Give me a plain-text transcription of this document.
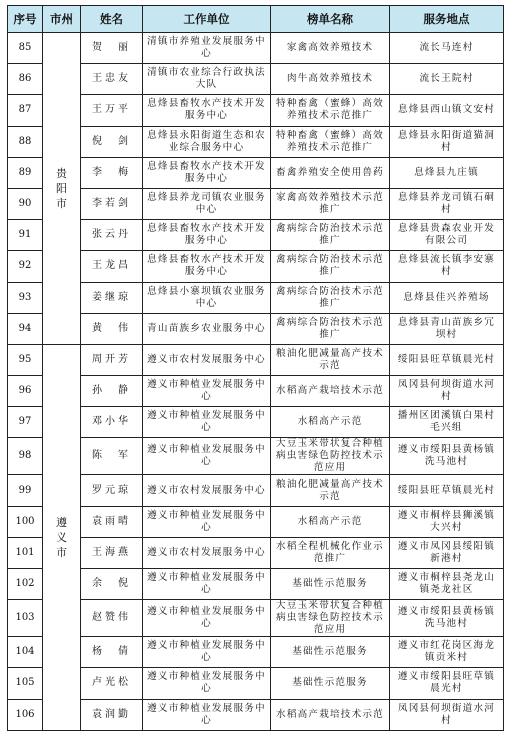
序号	市州	姓名	工作单位	榜单名称	服务地点
85	贵阳市	贺　丽	清镇市养殖业发展服务中心	家禽高效养殖技术	流长马连村
86		王忠友	清镇市农业综合行政执法大队	肉牛高效养殖技术	流长王院村
87		王万平	息烽县畜牧水产技术开发服务中心	特种畜禽（蜜蜂）高效养殖技术示范推广	息烽县西山镇文安村
88		倪　剑	息烽县永阳街道生态和农业综合服务中心	特种畜禽（蜜蜂）高效养殖技术示范推广	息烽县永阳街道猫洞村
89		李　梅	息烽县畜牧水产技术开发服务中心	畜禽养殖安全使用兽药	息烽县九庄镇
90		李若剑	息烽县养龙司镇农业服务中心	家禽高效养殖技术示范推广	息烽县养龙司镇石硐村
91		张云丹	息烽县畜牧水产技术开发服务中心	禽病综合防治技术示范推广	息烽县贵森农业开发有限公司
92		王龙昌	息烽县畜牧水产技术开发服务中心	禽病综合防治技术示范推广	息烽县流长镇李安寨村
93		姜继琼	息烽县小寨坝镇农业服务中心	禽病综合防治技术示范推广	息烽县佳兴养殖场
94		黄　伟	青山苗族乡农业服务中心	禽病综合防治技术示范推广	息烽县青山苗族乡冗坝村
95	遵义市	周开芳	遵义市农村发展服务中心	粮油化肥减量高产技术示范	绥阳县旺草镇晨光村
96		孙　静	遵义市种植业发展服务中心	水稻高产栽培技术示范	凤冈县何坝街道水河村
97		邓小华	遵义市种植业发展服务中心	水稻高产示范	播州区团溪镇白果村毛兴组
98		陈　军	遵义市种植业发展服务中心	大豆玉米带状复合种植病虫害绿色防控技术示范应用	遵义市绥阳县黄杨镇洗马池村
99		罗元琼	遵义市农村发展服务中心	粮油化肥减量高产技术示范	绥阳县旺草镇晨光村
100		袁雨晴	遵义市种植业发展服务中心	水稻高产示范	遵义市桐梓县狮溪镇大兴村
101		王海燕	遵义市农村发展服务中心	水稻全程机械化作业示范推广	遵义市凤冈县绥阳镇新港村
102		余　倪	遵义市种植业发展服务中心	基础性示范服务	遵义市桐梓县尧龙山镇尧龙社区
103		赵赞伟	遵义市种植业发展服务中心	大豆玉米带状复合种植病虫害绿色防控技术示范应用	遵义市绥阳县黄杨镇洗马池村
104		杨　倩	遵义市种植业发展服务中心	基础性示范服务	遵义市红花岗区海龙镇贡米村
105		卢光松	遵义市种植业发展服务中心	基础性示范服务	遵义市绥阳县旺草镇晨光村
106		袁润勤	遵义市种植业发展服务中心	水稻高产栽培技术示范	凤冈县何坝街道水河村
